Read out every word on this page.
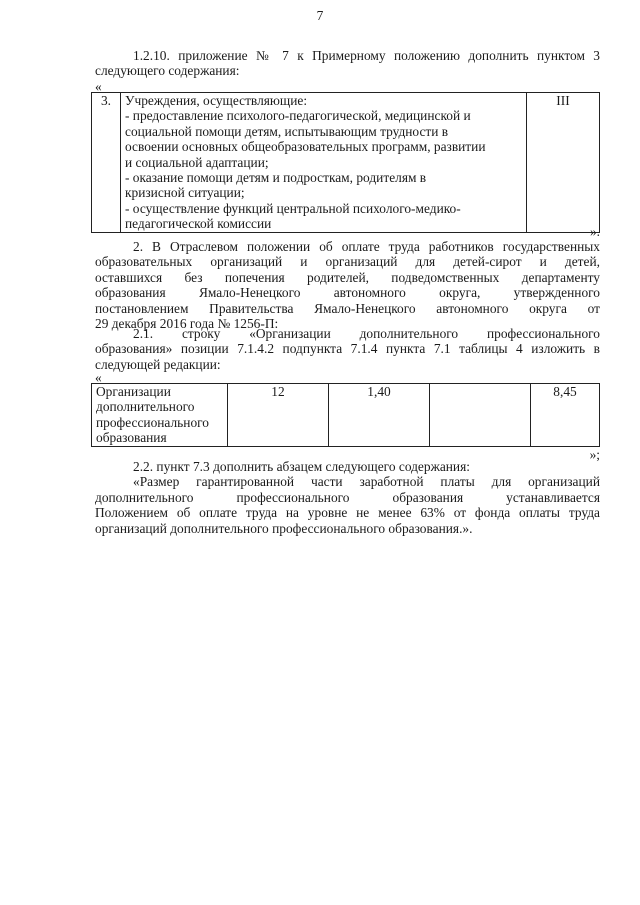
7
1.2.10. приложение № 7 к Примерному положению дополнить пунктом 3
следующего содержания:
«
3.	Учреждения, осуществляющие:
- предоставление психолого-педагогической, медицинской и
социальной помощи детям, испытывающим трудности в
освоении основных общеобразовательных программ, развитии
и социальной адаптации;
- оказание помощи детям и подросткам, родителям в
кризисной ситуации;
- осуществление функций центральной психолого-медико-
педагогической комиссии
	III
».
2. В Отраслевом положении об оплате труда работников государственных
образовательных организаций и организаций для детей-сирот и детей,
оставшихся без попечения родителей, подведомственных департаменту
образования Ямало-Ненецкого автономного округа, утвержденного
постановлением Правительства Ямало-Ненецкого автономного округа от
29 декабря 2016 года № 1256-П:
2.1. строку «Организации дополнительного профессионального
образования» позиции 7.1.4.2 подпункта 7.1.4 пункта 7.1 таблицы 4 изложить в
следующей редакции:
«
Организации
дополнительного
профессионального
образования
	12	1,40		8,45
»;
2.2. пункт 7.3 дополнить абзацем следующего содержания:
«Размер гарантированной части заработной платы для организаций
дополнительного профессионального образования устанавливается
Положением об оплате труда на уровне не менее 63% от фонда оплаты труда
организаций дополнительного профессионального образования.».
